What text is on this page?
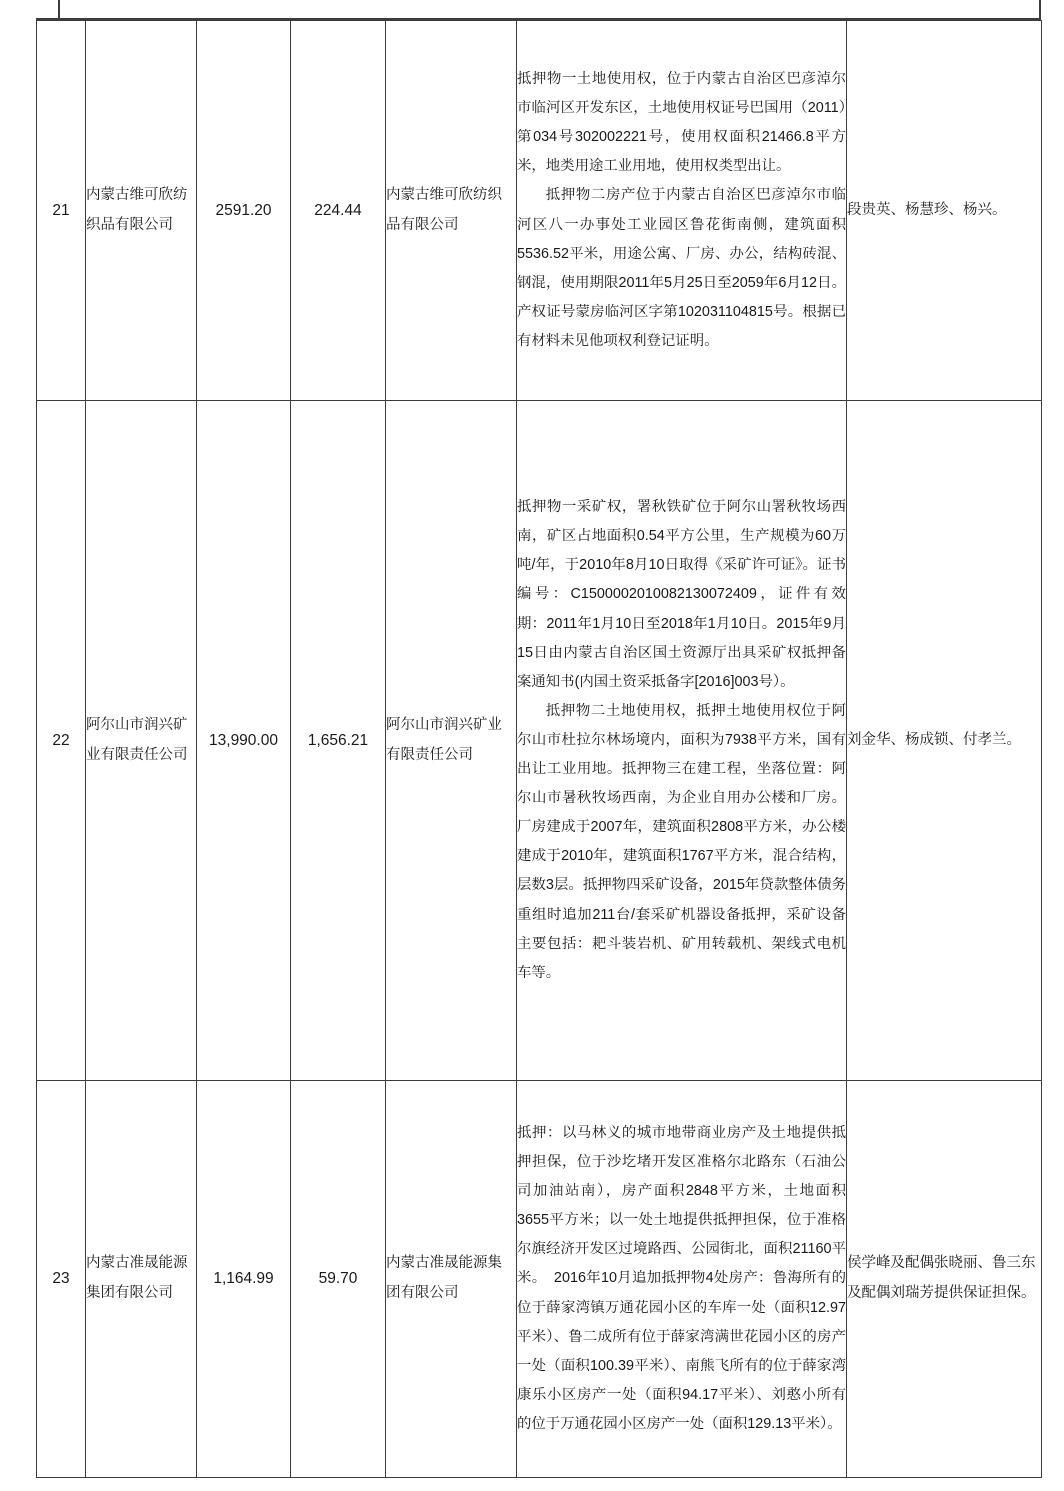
21	内蒙古维可欣纺织品有限公司	2591.20	224.44	内蒙古维可欣纺织品有限公司	抵押物一土地使用权，位于内蒙古自治区巴彦淖尔市临河区开发东区，土地使用权证号巴国用（2011）第034号302002221号，使用权面积21466.8平方米，地类用途工业用地，使用权类型出让。

抵押物二房产位于内蒙古自治区巴彦淖尔市临河区八一办事处工业园区鲁花街南侧，建筑面积5536.52平米，用途公寓、厂房、办公，结构砖混、钢混，使用期限2011年5月25日至2059年6月12日。产权证号蒙房临河区字第102031104815号。根据已有材料未见他项权利登记证明。	段贵英、杨慧珍、杨兴。
22	阿尔山市润兴矿业有限责任公司	13,990.00	1,656.21	阿尔山市润兴矿业有限责任公司	抵押物一采矿权，署秋铁矿位于阿尔山署秋牧场西南，矿区占地面积0.54平方公里，生产规模为60万吨/年，于2010年8月10日取得《采矿许可证》。证书编号：C1500002010082130072409，证件有效期：2011年1月10日至2018年1月10日。2015年9月15日由内蒙古自治区国土资源厅出具采矿权抵押备案通知书(内国土资采抵备字[2016]003号）。

抵押物二土地使用权，抵押土地使用权位于阿尔山市杜拉尔林场境内，面积为7938平方米，国有出让工业用地。抵押物三在建工程，坐落位置：阿尔山市暑秋牧场西南，为企业自用办公楼和厂房。厂房建成于2007年，建筑面积2808平方米，办公楼建成于2010年，建筑面积1767平方米，混合结构，层数3层。抵押物四采矿设备，2015年贷款整体债务重组时追加211台/套采矿机器设备抵押，采矿设备主要包括：耙斗装岩机、矿用转载机、架线式电机车等。	刘金华、杨成锁、付孝兰。
23	内蒙古准晟能源集团有限公司	1,164.99	59.70	内蒙古准晟能源集团有限公司	抵押：以马林义的城市地带商业房产及土地提供抵押担保，位于沙圪堵开发区准格尔北路东（石油公司加油站南），房产面积2848平方米，土地面积3655平方米；以一处土地提供抵押担保，位于准格尔旗经济开发区过境路西、公园街北，面积21160平米。　2016年10月追加抵押物4处房产：鲁海所有的位于薛家湾镇万通花园小区的车库一处（面积12.97平米）、鲁二成所有位于薛家湾满世花园小区的房产一处（面积100.39平米）、南熊飞所有的位于薛家湾康乐小区房产一处（面积94.17平米）、刘憨小所有的位于万通花园小区房产一处（面积129.13平米）。	侯学峰及配偶张晓丽、鲁三东及配偶刘瑞芳提供保证担保。
